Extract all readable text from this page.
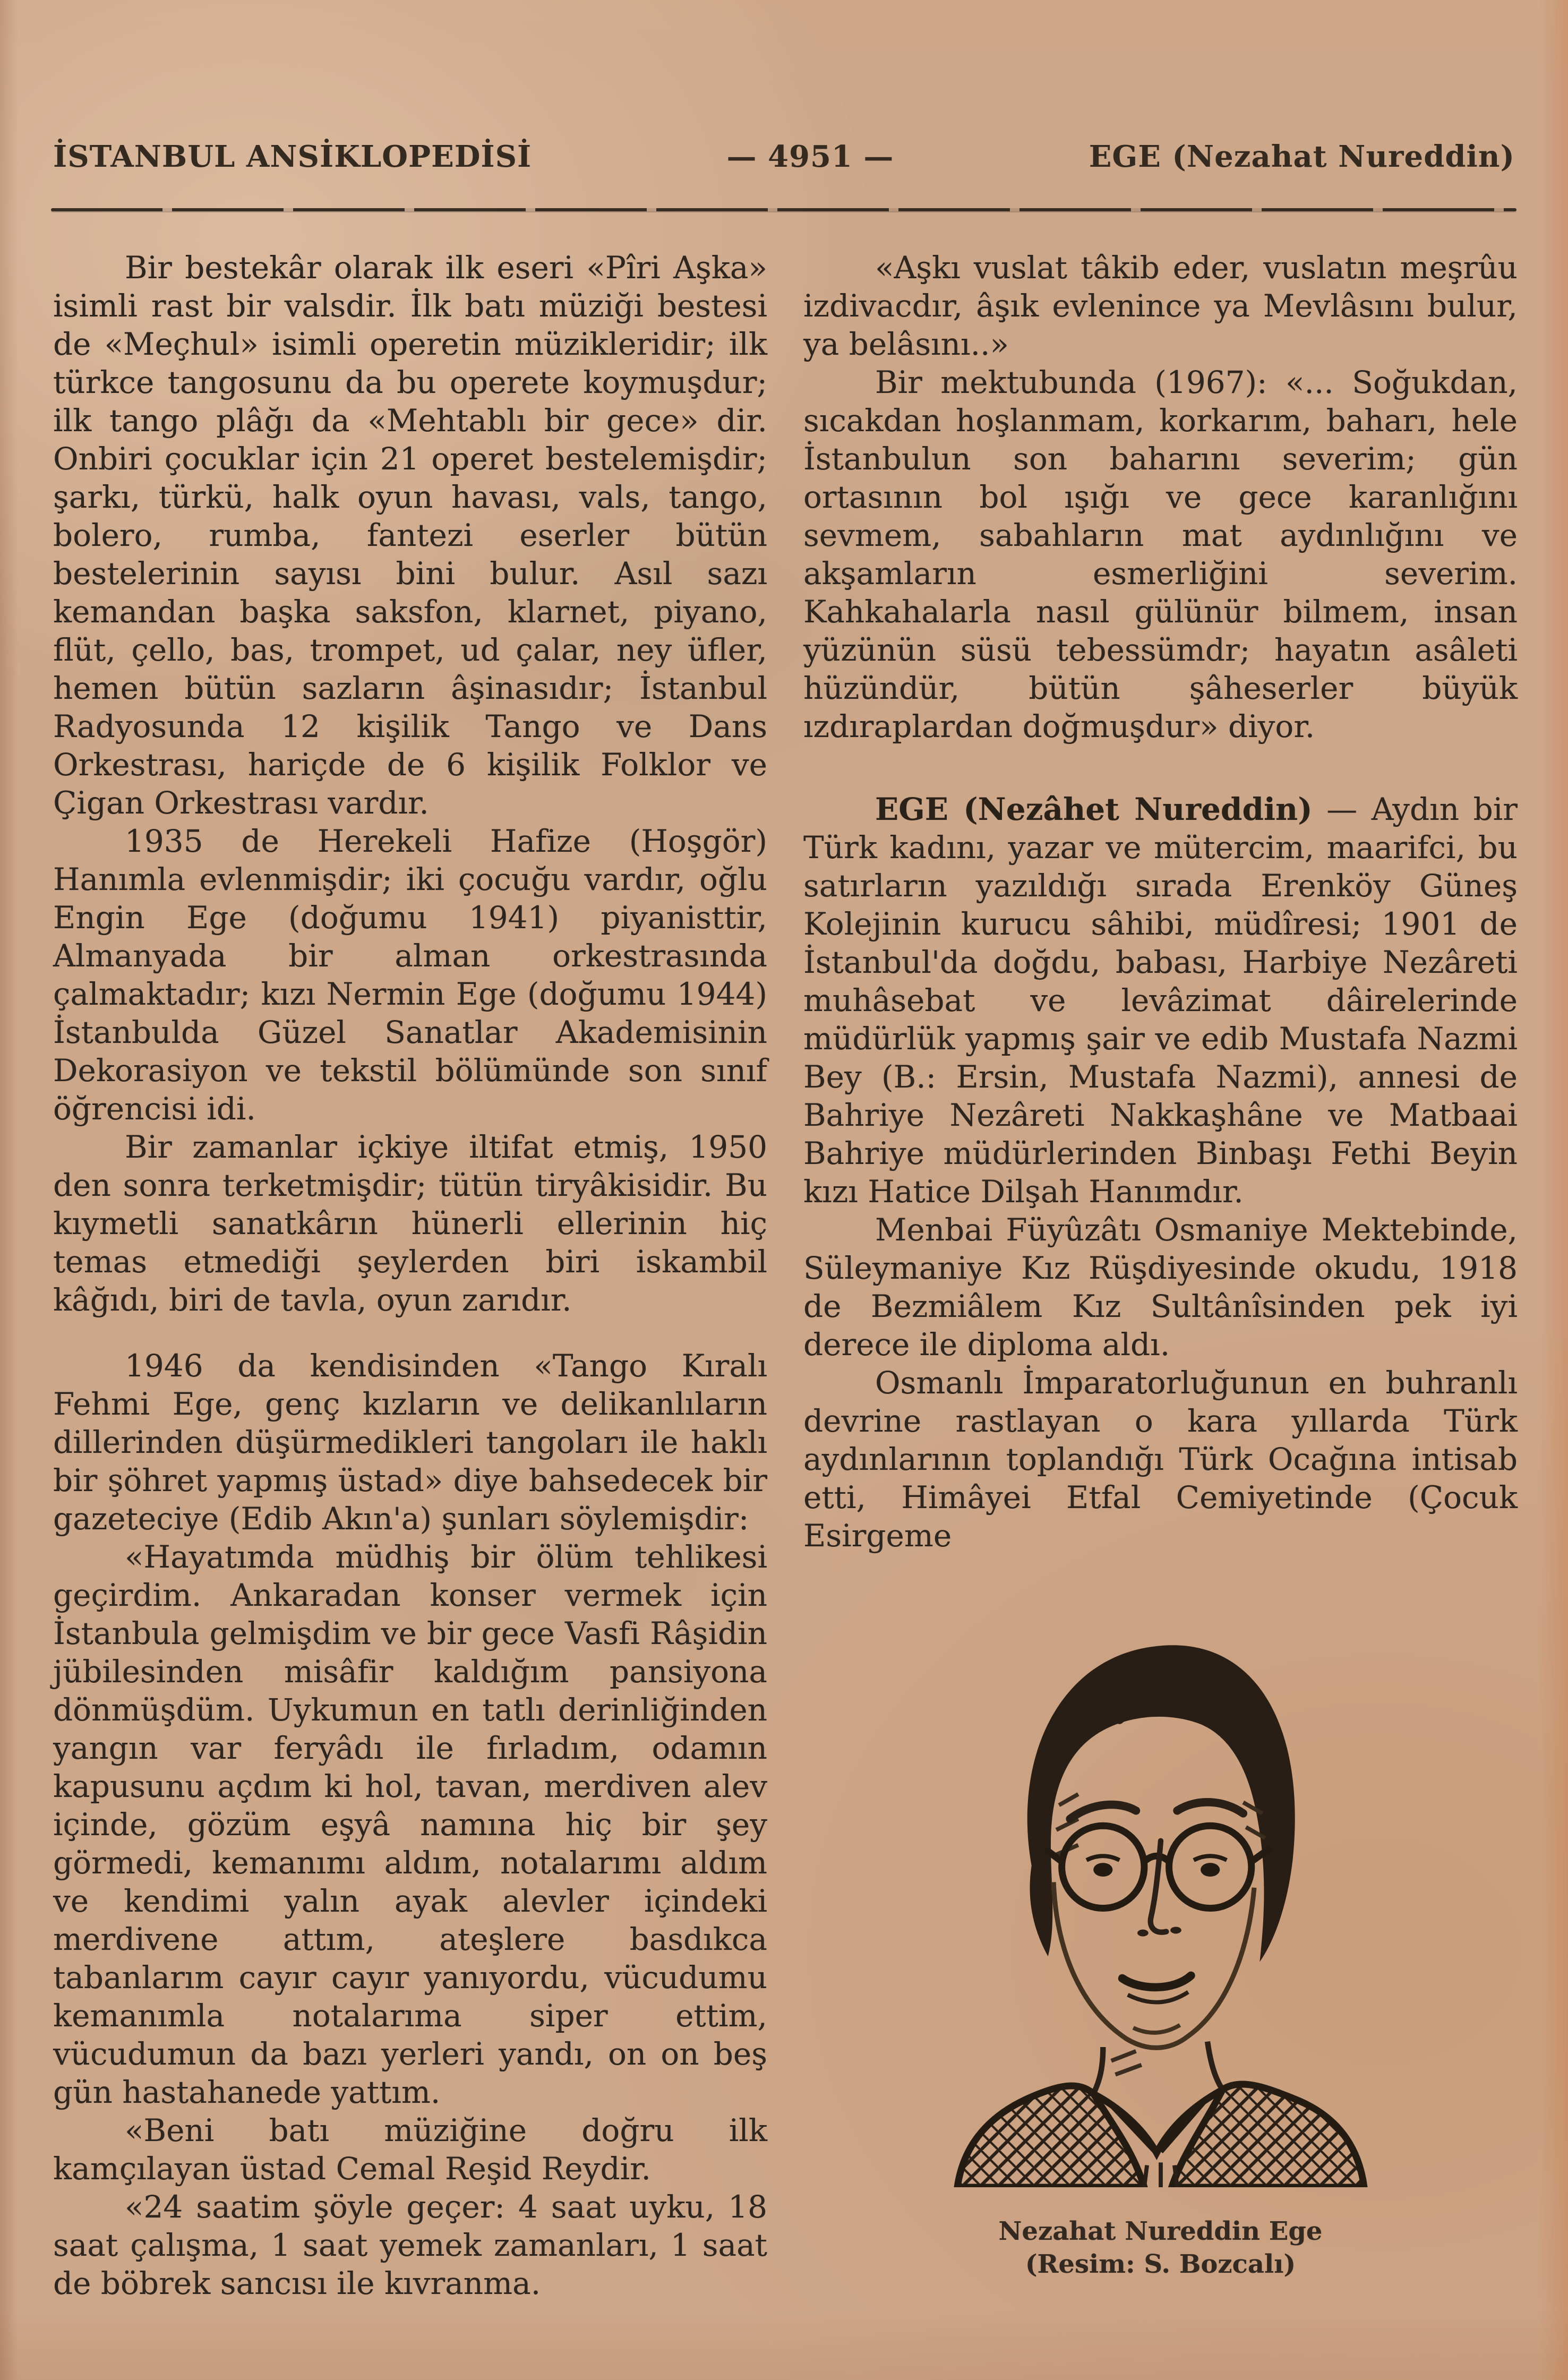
İSTANBUL ANSİKLOPEDİSİ	— 4951 —	EGE (Nezahat Nureddin)

Bir bestekâr olarak ilk eseri «Pîri Aşka» isimli rast bir valsdir. İlk batı müziği bestesi de «Meçhul» isimli operetin müzikleridir; ilk türkce tangosunu da bu operete koymuşdur; ilk tango plâğı da «Mehtablı bir gece» dir. Onbiri çocuklar için 21 operet bestelemişdir; şarkı, türkü, halk oyun havası, vals, tango, bolero, rumba, fantezi eserler bütün bestelerinin sayısı bini bulur. Asıl sazı kemandan başka saksfon, klarnet, piyano, flüt, çello, bas, trompet, ud çalar, ney üfler, hemen bütün sazların âşinasıdır; İstanbul Radyosunda 12 kişilik Tango ve Dans Orkestrası, hariçde de 6 kişilik Folklor ve Çigan Orkestrası vardır.

1935 de Herekeli Hafize (Hoşgör) Hanımla evlenmişdir; iki çocuğu vardır, oğlu Engin Ege (doğumu 1941) piyanisttir, Almanyada bir alman orkestrasında çalmaktadır; kızı Nermin Ege (doğumu 1944) İstanbulda Güzel Sanatlar Akademisinin Dekorasiyon ve tekstil bölümünde son sınıf öğrencisi idi.

Bir zamanlar içkiye iltifat etmiş, 1950 den sonra terketmişdir; tütün tiryâkisidir. Bu kıymetli sanatkârın hünerli ellerinin hiç temas etmediği şeylerden biri iskambil kâğıdı, biri de tavla, oyun zarıdır.

1946 da kendisinden «Tango Kıralı Fehmi Ege, genç kızların ve delikanlıların dillerinden düşürmedikleri tangoları ile haklı bir şöhret yapmış üstad» diye bahsedecek bir gazeteciye (Edib Akın'a) şunları söylemişdir:

«Hayatımda müdhiş bir ölüm tehlikesi geçirdim. Ankaradan konser vermek için İstanbula gelmişdim ve bir gece Vasfi Râşidin jübilesinden misâfir kaldığım pansiyona dönmüşdüm. Uykumun en tatlı derinliğinden yangın var feryâdı ile fırladım, odamın kapusunu açdım ki hol, tavan, merdiven alev içinde, gözüm eşyâ namına hiç bir şey görmedi, kemanımı aldım, notalarımı aldım ve kendimi yalın ayak alevler içindeki merdivene attım, ateşlere basdıkca tabanlarım cayır cayır yanıyordu, vücudumu kemanımla notalarıma siper ettim, vücudumun da bazı yerleri yandı, on on beş gün hastahanede yattım.

«Beni batı müziğine doğru ilk kamçılayan üstad Cemal Reşid Reydir.

«24 saatim şöyle geçer: 4 saat uyku, 18 saat çalışma, 1 saat yemek zamanları, 1 saat de böbrek sancısı ile kıvranma.

«Aşkı vuslat tâkib eder, vuslatın meşrûu izdivacdır, âşık evlenince ya Mevlâsını bulur, ya belâsını..»

Bir mektubunda (1967): «... Soğukdan, sıcakdan hoşlanmam, korkarım, baharı, hele İstanbulun son baharını severim; gün ortasının bol ışığı ve gece karanlığını sevmem, sabahların mat aydınlığını ve akşamların esmerliğini severim. Kahkahalarla nasıl gülünür bilmem, insan yüzünün süsü tebessümdr; hayatın asâleti hüzündür, bütün şâheserler büyük ızdıraplardan doğmuşdur» diyor.

EGE (Nezâhet Nureddin) — Aydın bir Türk kadını, yazar ve mütercim, maarifci, bu satırların yazıldığı sırada Erenköy Güneş Kolejinin kurucu sâhibi, müdîresi; 1901 de İstanbul'da doğdu, babası, Harbiye Nezâreti muhâsebat ve levâzimat dâirelerinde müdürlük yapmış şair ve edib Mustafa Nazmi Bey (B.: Ersin, Mustafa Nazmi), annesi de Bahriye Nezâreti Nakkaşhâne ve Matbaai Bahriye müdürlerinden Binbaşı Fethi Beyin kızı Hatice Dilşah Hanımdır.

Menbai Füyûzâtı Osmaniye Mektebinde, Süleymaniye Kız Rüşdiyesinde okudu, 1918 de Bezmiâlem Kız Sultânîsinden pek iyi derece ile diploma aldı.

Osmanlı İmparatorluğunun en buhranlı devrine rastlayan o kara yıllarda Türk aydınlarının toplandığı Türk Ocağına intisab etti, Himâyei Etfal Cemiyetinde (Çocuk Esirgeme

Nezahat Nureddin Ege
(Resim: S. Bozcalı)
